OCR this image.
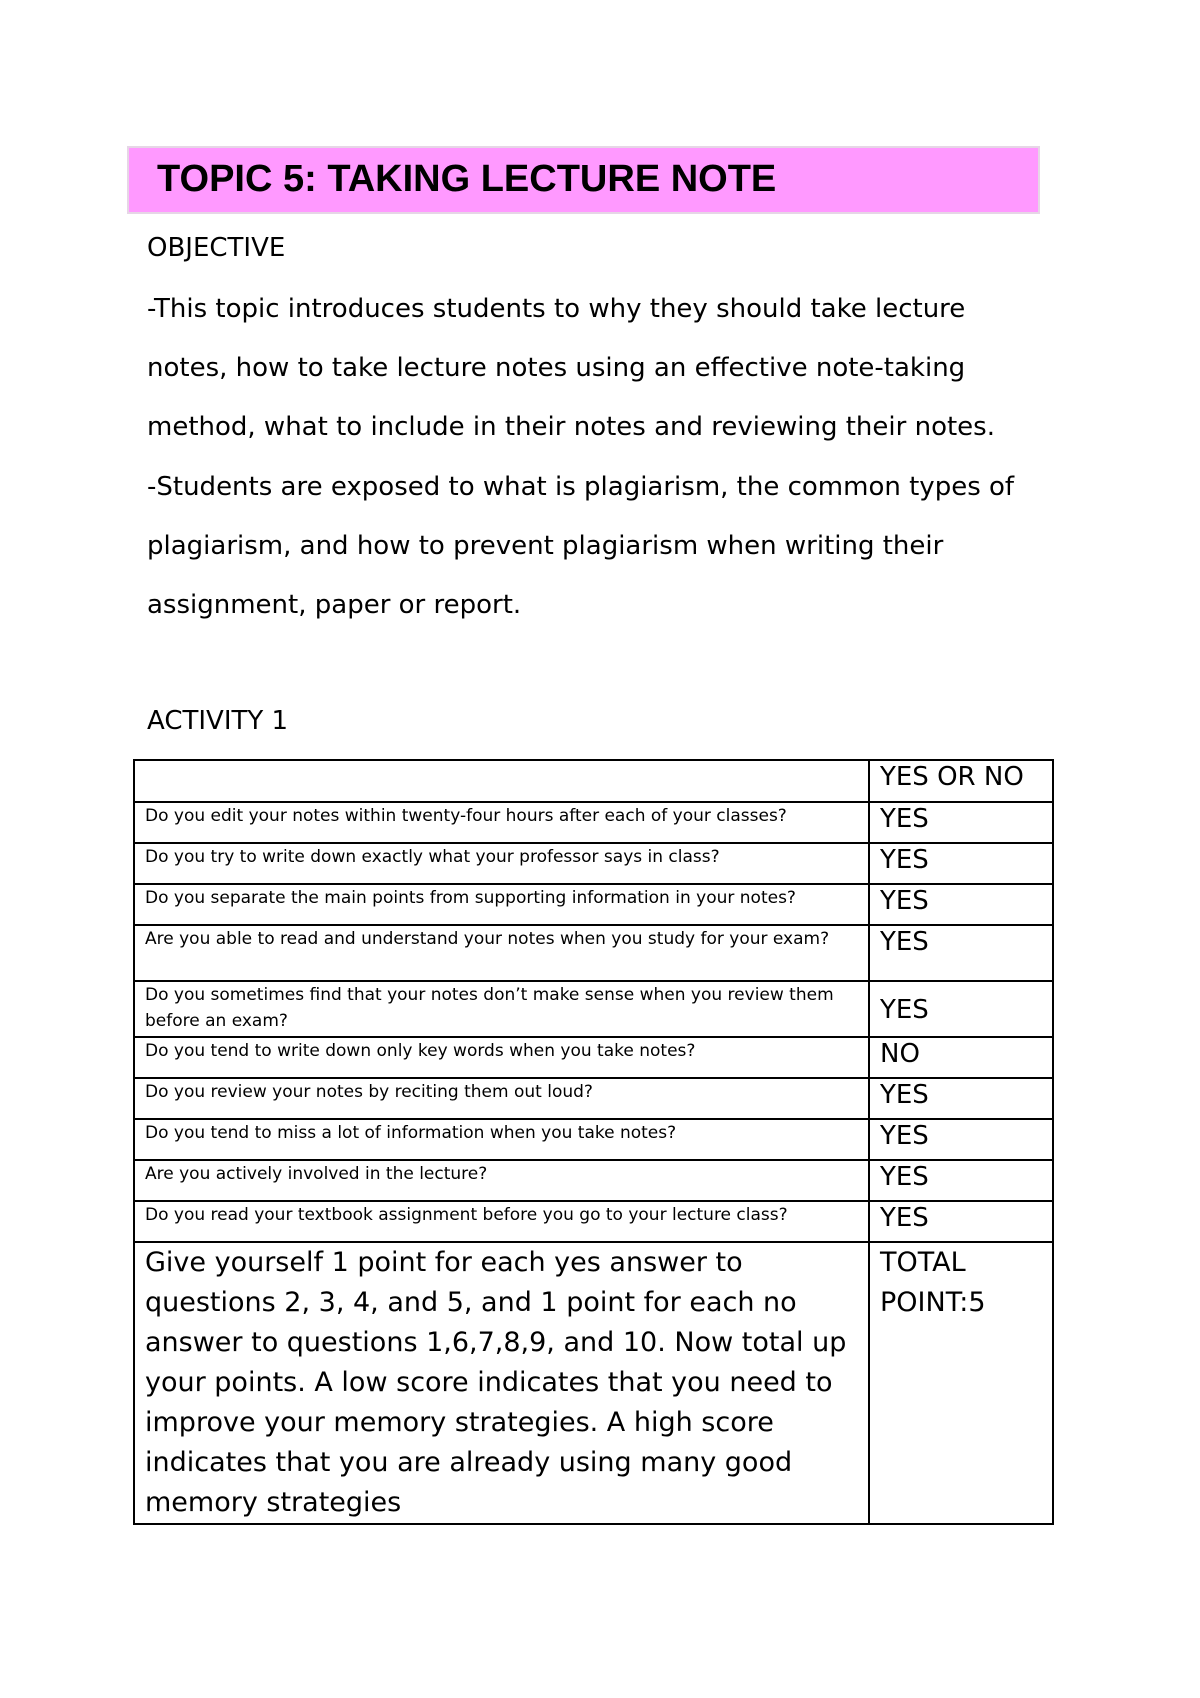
TOPIC 5: TAKING LECTURE NOTE
OBJECTIVE
-This topic introduces students to why they should take lecture
notes, how to take lecture notes using an effective note-taking
method, what to include in their notes and reviewing their notes.
-Students are exposed to what is plagiarism, the common types of
plagiarism, and how to prevent plagiarism when writing their
assignment, paper or report.
ACTIVITY 1
	YES OR NO
Do you edit your notes within twenty-four hours after each of your classes?	YES
Do you try to write down exactly what your professor says in class?	YES
Do you separate the main points from supporting information in your notes?	YES
Are you able to read and understand your notes when you study for your exam?	YES
Do you sometimes find that your notes don’t make sense when you review them before an exam?	YES
Do you tend to write down only key words when you take notes?	NO
Do you review your notes by reciting them out loud?	YES
Do you tend to miss a lot of information when you take notes?	YES
Are you actively involved in the lecture?	YES
Do you read your textbook assignment before you go to your lecture class?	YES
Give yourself 1 point for each yes answer to questions 2, 3, 4, and 5, and 1 point for each no answer to questions 1,6,7,8,9, and 10. Now total up your points. A low score indicates that you need to improve your memory strategies. A high score indicates that you are already using many good memory strategies	TOTAL
POINT:5
